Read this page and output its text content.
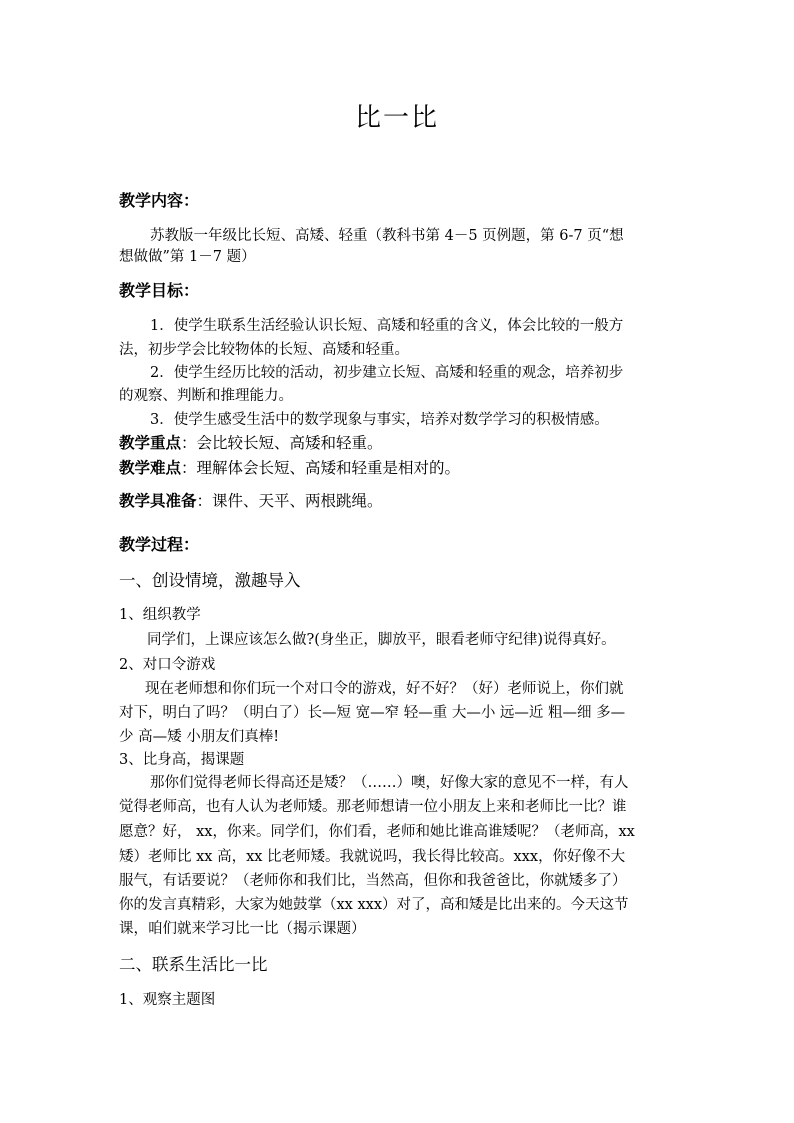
比一比
教学内容：
苏教版一年级比长短、高矮、轻重（教科书第 4－5 页例题，第 6-7 页“想
想做做”第 1－7 题）
教学目标：
1．使学生联系生活经验认识长短、高矮和轻重的含义，体会比较的一般方
法，初步学会比较物体的长短、高矮和轻重。
2．使学生经历比较的活动，初步建立长短、高矮和轻重的观念，培养初步
的观察、判断和推理能力。
3．使学生感受生活中的数学现象与事实，培养对数学学习的积极情感。
教学重点：会比较长短、高矮和轻重。
教学难点：理解体会长短、高矮和轻重是相对的。
教学具准备：课件、天平、两根跳绳。
教学过程：
一、创设情境，激趣导入
1、组织教学
同学们，上课应该怎么做?(身坐正，脚放平，眼看老师守纪律)说得真好。
2、对口令游戏
现在老师想和你们玩一个对口令的游戏，好不好？（好）老师说上，你们就
对下，明白了吗？（明白了）长—短 宽—窄 轻—重 大—小 远—近 粗—细 多—
少 高—矮 小朋友们真棒!
3、比身高，揭课题
那你们觉得老师长得高还是矮？（……）噢，好像大家的意见不一样，有人
觉得老师高，也有人认为老师矮。那老师想请一位小朋友上来和老师比一比？谁
愿意？好， xx，你来。同学们，你们看，老师和她比谁高谁矮呢？（老师高，xx
矮）老师比 xx 高，xx 比老师矮。我就说吗，我长得比较高。xxx，你好像不大
服气，有话要说？（老师你和我们比，当然高，但你和我爸爸比，你就矮多了）
你的发言真精彩，大家为她鼓掌（xx xxx）对了，高和矮是比出来的。今天这节
课，咱们就来学习比一比（揭示课题）
二、联系生活比一比
1、观察主题图
